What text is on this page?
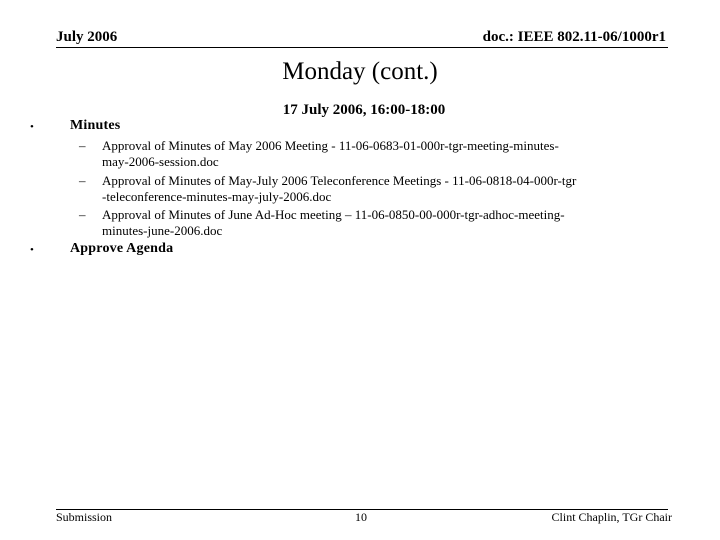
July 2006	doc.: IEEE 802.11-06/1000r1
Monday (cont.)
17 July 2006, 16:00-18:00
•	Minutes
– Approval of Minutes of May 2006 Meeting - 11-06-0683-01-000r-tgr-meeting-minutes-
may-2006-session.doc
– Approval of Minutes of May-July 2006 Teleconference Meetings - 11-06-0818-04-000r-tgr
-teleconference-minutes-may-july-2006.doc
– Approval of Minutes of June Ad-Hoc meeting – 11-06-0850-00-000r-tgr-adhoc-meeting-
minutes-june-2006.doc
•	Approve Agenda
Submission	10	Clint Chaplin, TGr Chair
